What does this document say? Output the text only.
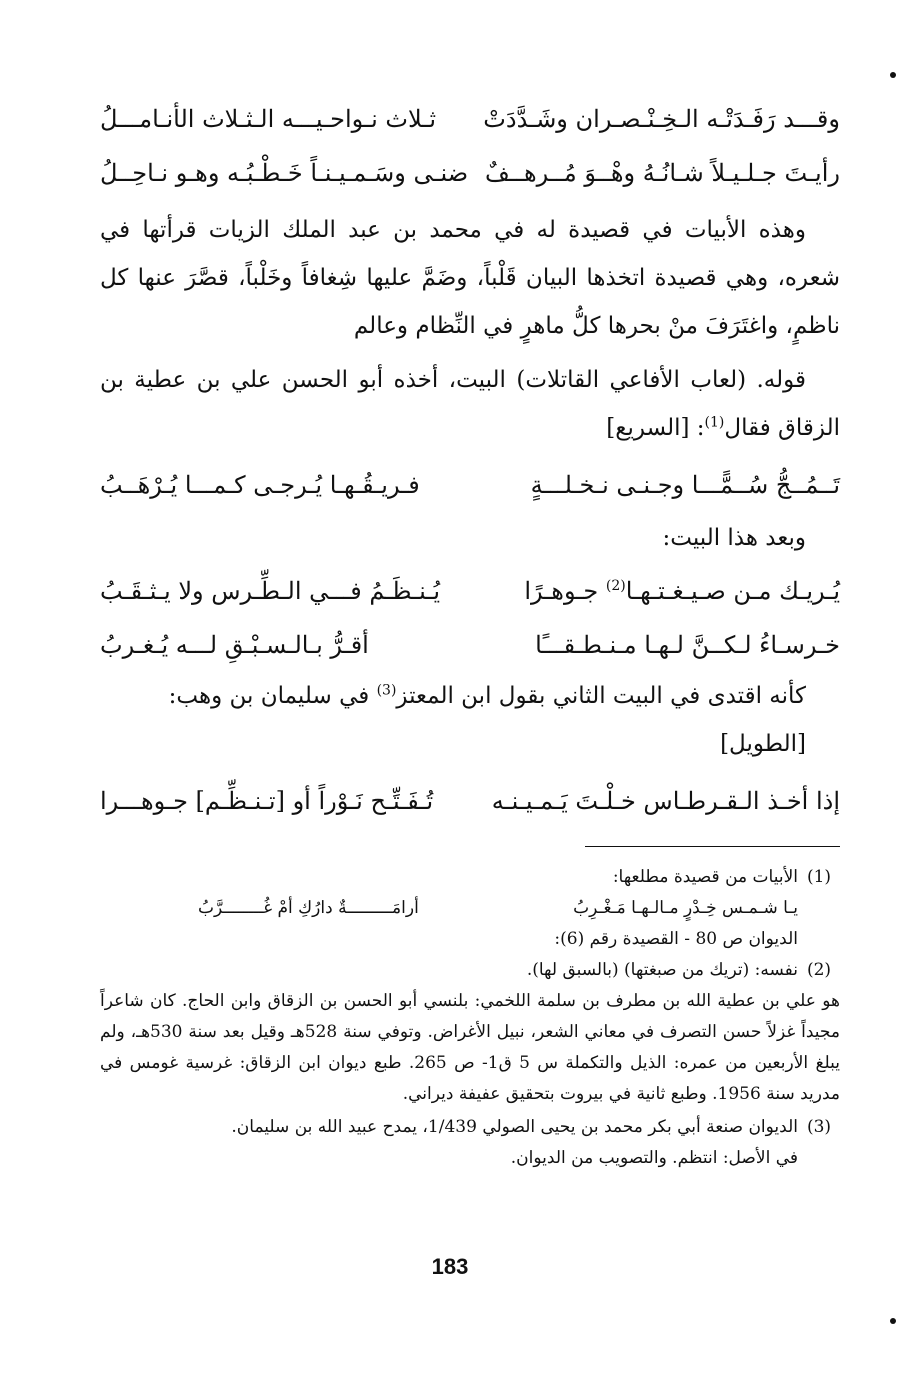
وقـــد رَفَـدَتْـه الـخِـنْـصـران وشَـدَّدَتْ
ثـلاث نـواحـيـــه الـثـلاث الأنـامـــلُ
رأيـتَ جـلـيـلاً شـانُـهُ وهْــوَ مُــرهــفٌ
ضنـى وسَـمـيـنـاً خَـطْـبُـه وهـو نـاحِــلُ

وهذه الأبيات في قصيدة له في محمد بن عبد الملك الزيات قرأتها في شعره، وهي قصيدة اتخذها البيان قَلْباً، وضَمَّ عليها شِغافاً وخَلْباً، قصَّرَ عنها كل ناظمٍ، واغتَرَفَ منْ بحرها كلُّ ماهرٍ في النِّظام وعالم

قوله. (لعاب الأفاعي القاتلات) البيت، أخذه أبو الحسن علي بن عطية بن الزقاق فقال$^{(1)}$: [السريع]

تَــمُــجُّ سُــمًّـــا وجـنـى نـخـلـــةٍ
فـريـقُـهـا يُـرجـى كـمـــا يُـرْهَــبُ
وبعد هذا البيت:
يُـريـك مـن صـيـغـتـهـا$^{(2)}$ جـوهـرًا
يُـنـظَـمُ فـــي الـطِّـرس ولا يـثـقَـبُ
خـرسـاءُ لـكــنَّ لـهـا مـنـطـقـــًا
أقـرُّ بـالـسـبْـقِ لـــه يُـغـربُ

كأنه اقتدى في البيت الثاني بقول ابن المعتز$^{(3)}$ في سليمان بن وهب:
[الطويل]

إذا أخـذ الـقـرطـاس خـلْـتَ يَـمـيـنـه
تُـفَـتِّـح نَـوْراً أو [تـنـظِّـم] جـوهـــرا
(1)
الأبيات من قصيدة مطلعها:
يـا شـمـس خِـدْرٍ مـالـهـا مَـغْـرِبُ
أرامَـــــــــةٌ دارُكِ أمْ غُــــــــرَّبُ
الديوان ص 80 - القصيدة رقم (6):
(2)
نفسه: (تريك من صبغتها) (بالسبق لها).
هو علي بن عطية الله بن مطرف بن سلمة اللخمي: بلنسي أبو الحسن بن الزقاق وابن الحاج. كان شاعراً مجيداً غزلاً حسن التصرف في معاني الشعر، نبيل الأغراض. وتوفي سنة 528هـ وقيل بعد سنة 530هـ، ولم يبلغ الأربعين من عمره: الذيل والتكملة س 5 ق1- ص 265. طبع ديوان ابن الزقاق: غرسية غومس في مدريد سنة 1956. وطبع ثانية في بيروت بتحقيق عفيفة ديراني.
(3)
الديوان صنعة أبي بكر محمد بن يحيى الصولي 1/439، يمدح عبيد الله بن سليمان.
في الأصل: انتظم. والتصويب من الديوان.
183
